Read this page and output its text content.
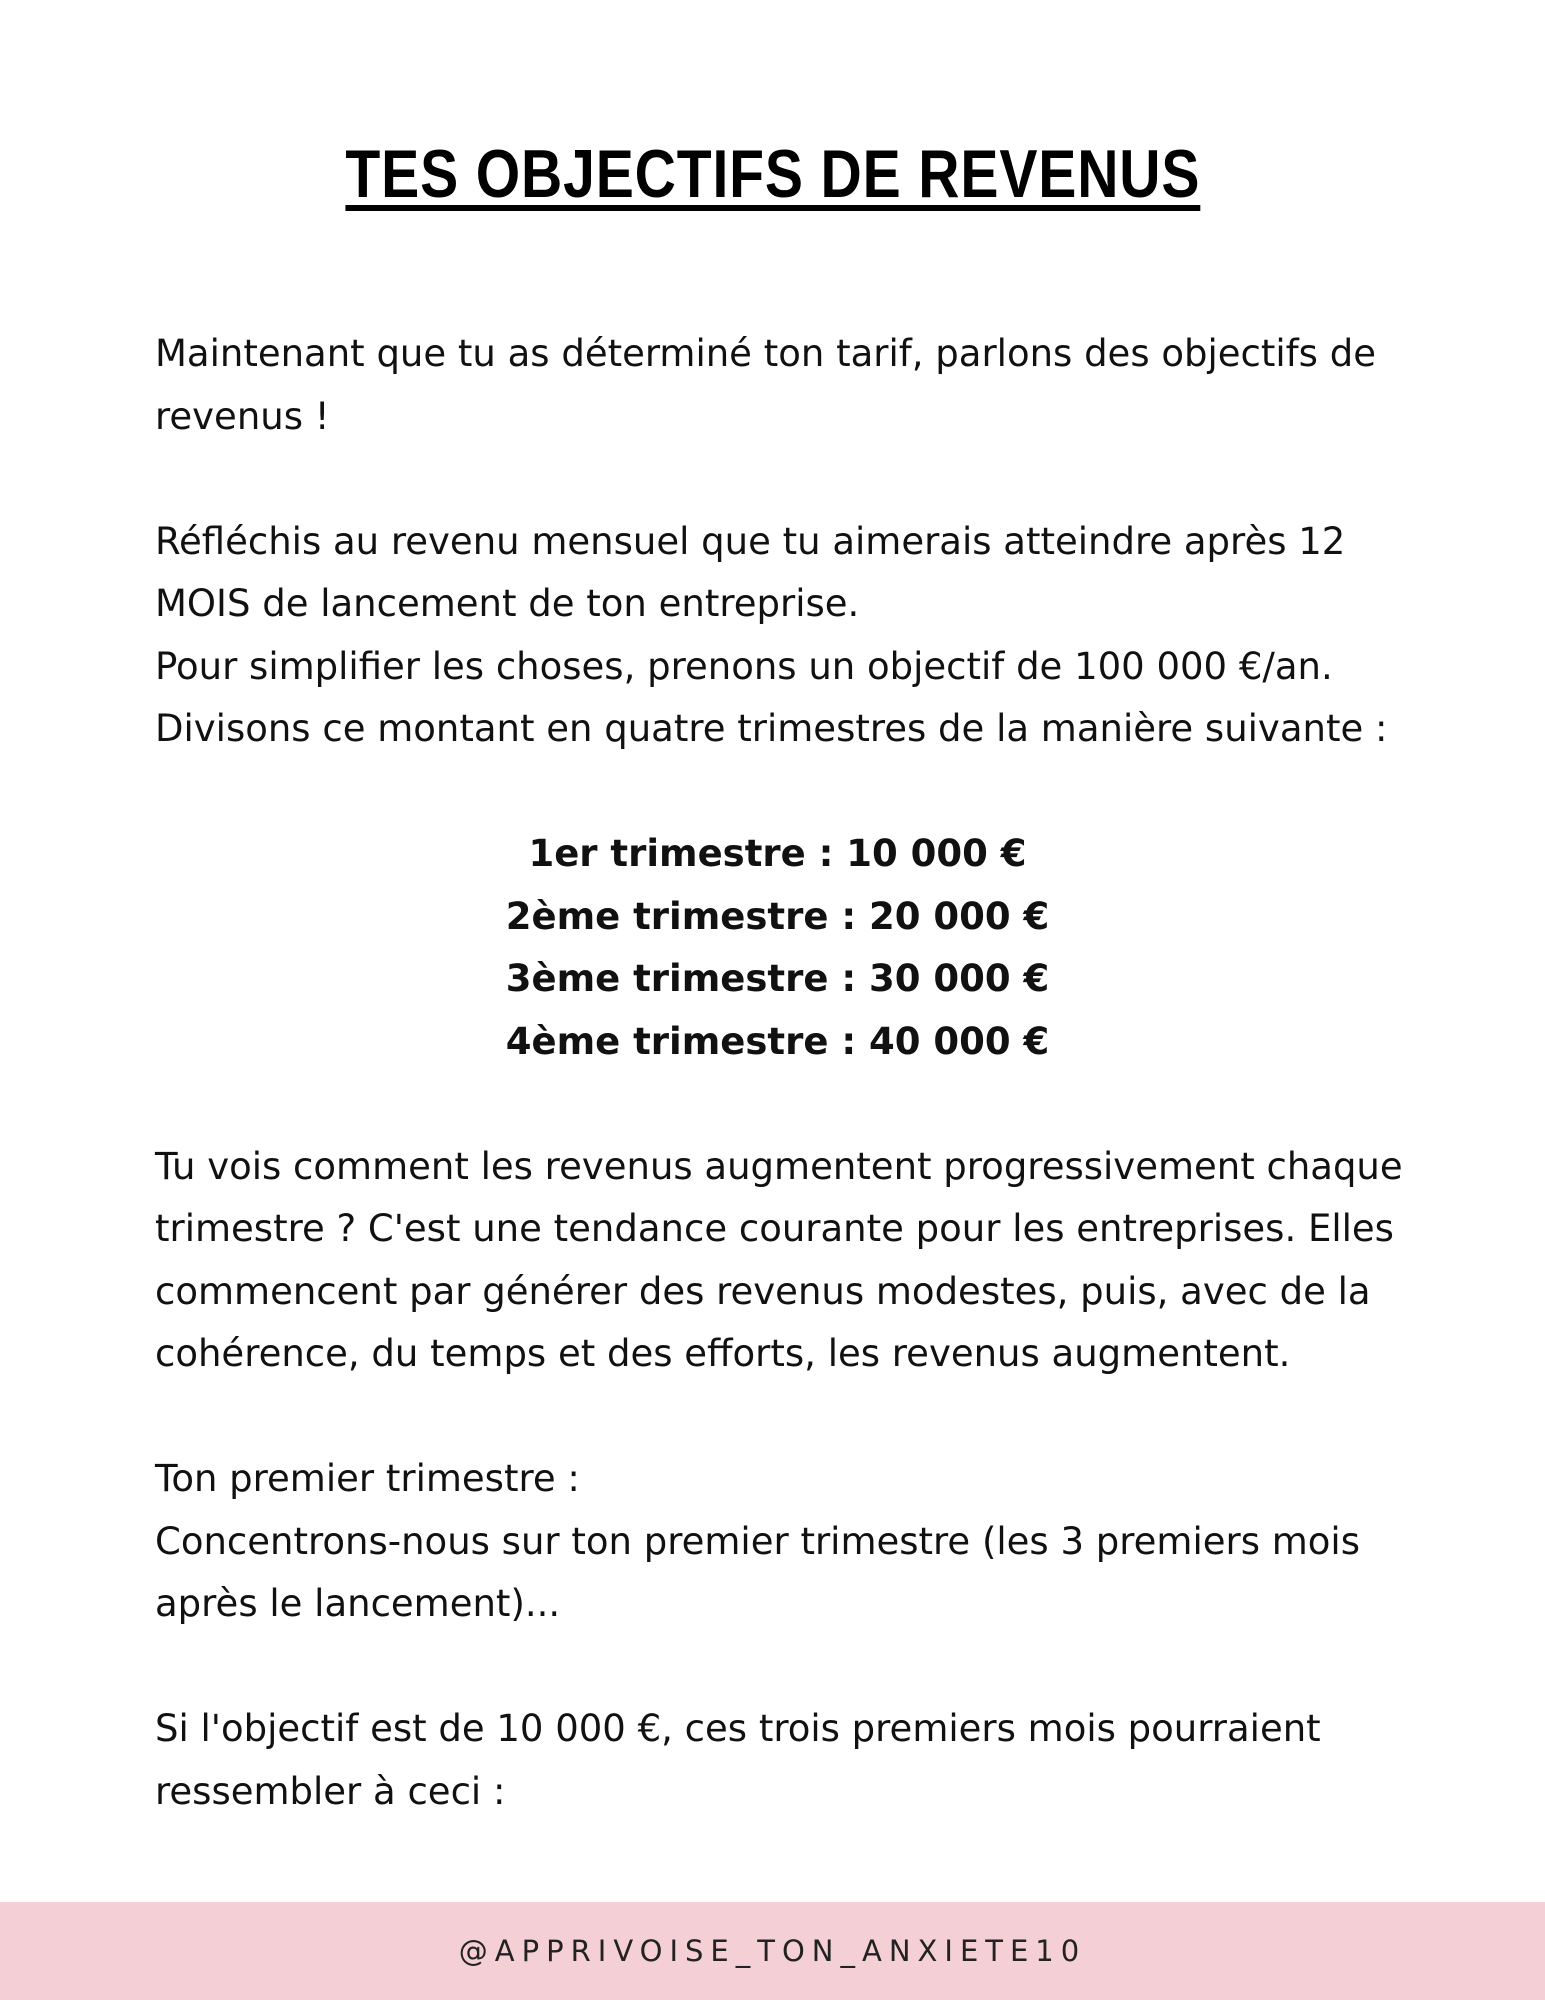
TES OBJECTIFS DE REVENUS

Maintenant que tu as déterminé ton tarif, parlons des objectifs de

revenus !

Réfléchis au revenu mensuel que tu aimerais atteindre après 12

MOIS de lancement de ton entreprise.

Pour simplifier les choses, prenons un objectif de 100 000 €/an.

Divisons ce montant en quatre trimestres de la manière suivante :

1er trimestre : 10 000 €
2ème trimestre : 20 000 €
3ème trimestre : 30 000 €
4ème trimestre : 40 000 €

Tu vois comment les revenus augmentent progressivement chaque

trimestre ? C'est une tendance courante pour les entreprises. Elles

commencent par générer des revenus modestes, puis, avec de la

cohérence, du temps et des efforts, les revenus augmentent.

Ton premier trimestre :

Concentrons-nous sur ton premier trimestre (les 3 premiers mois

après le lancement)...

Si l'objectif est de 10 000 €, ces trois premiers mois pourraient

ressembler à ceci :

@APPRIVOISE_TON_ANXIETE10
